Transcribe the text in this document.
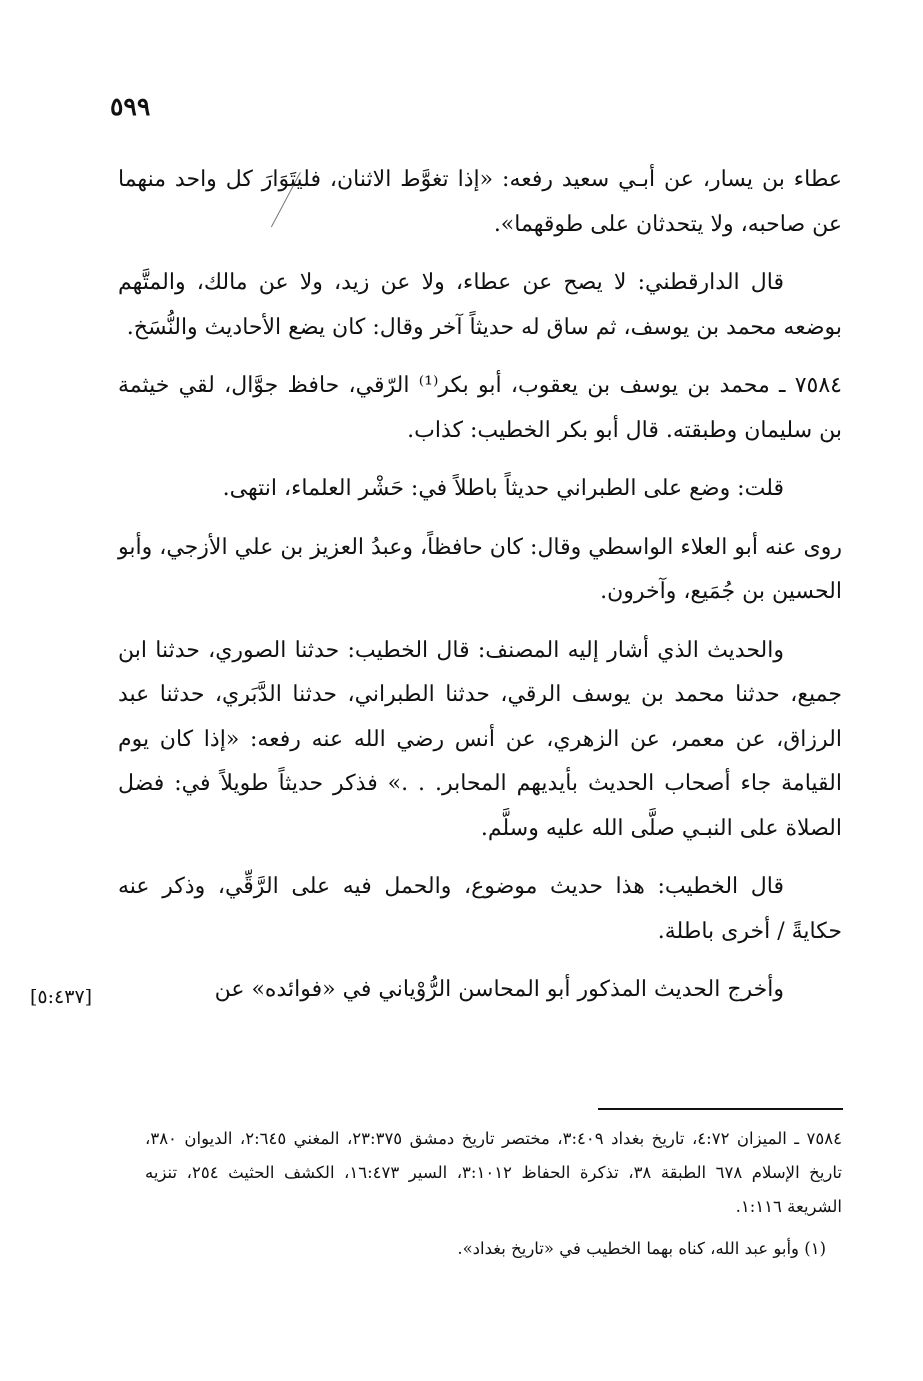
٥٩٩

عطاء بن يسار، عن أبـي سعيد رفعه: «إذا تغوَّط الاثنان، فليتَوَارَ كل واحد منهما عن صاحبه، ولا يتحدثان على طوقهما».

قال الدارقطني: لا يصح عن عطاء، ولا عن زيد، ولا عن مالك، والمتَّهم بوضعه محمد بن يوسف، ثم ساق له حديثاً آخر وقال: كان يضع الأحاديث والنُّسَخ.

٧٥٨٤ ـ محمد بن يوسف بن يعقوب، أبو بكر⁽¹⁾ الرّقي، حافظ جوَّال، لقي خيثمة بن سليمان وطبقته. قال أبو بكر الخطيب: كذاب.

قلت: وضع على الطبراني حديثاً باطلاً في: حَشْر العلماء، انتهى.

روى عنه أبو العلاء الواسطي وقال: كان حافظاً، وعبدُ العزيز بن علي الأزجي، وأبو الحسين بن جُمَيع، وآخرون.

والحديث الذي أشار إليه المصنف: قال الخطيب: حدثنا الصوري، حدثنا ابن جميع، حدثنا محمد بن يوسف الرقي، حدثنا الطبراني، حدثنا الدَّبَري، حدثنا عبد الرزاق، عن معمر، عن الزهري، عن أنس رضي الله عنه رفعه: «إذا كان يوم القيامة جاء أصحاب الحديث بأيديهم المحابر. . .» فذكر حديثاً طويلاً في: فضل الصلاة على النبـي صلَّى الله عليه وسلَّم.

قال الخطيب: هذا حديث موضوع، والحمل فيه على الرَّقِّي، وذكر عنه حكايةً / أخرى باطلة.

وأخرج الحديث المذكور أبو المحاسن الرُّوْياني في «فوائده» عن

[٥:٤٣٧]

٧٥٨٤ ـ الميزان ٤:٧٢، تاريخ بغداد ٣:٤٠٩، مختصر تاريخ دمشق ٢٣:٣٧٥، المغني ٢:٦٤٥، الديوان ٣٨٠، تاريخ الإسلام ٦٧٨ الطبقة ٣٨، تذكرة الحفاظ ٣:١٠١٢، السير ١٦:٤٧٣، الكشف الحثيث ٢٥٤، تنزيه الشريعة ١:١١٦.

(١) وأبو عبد الله، كناه بهما الخطيب في «تاريخ بغداد».
